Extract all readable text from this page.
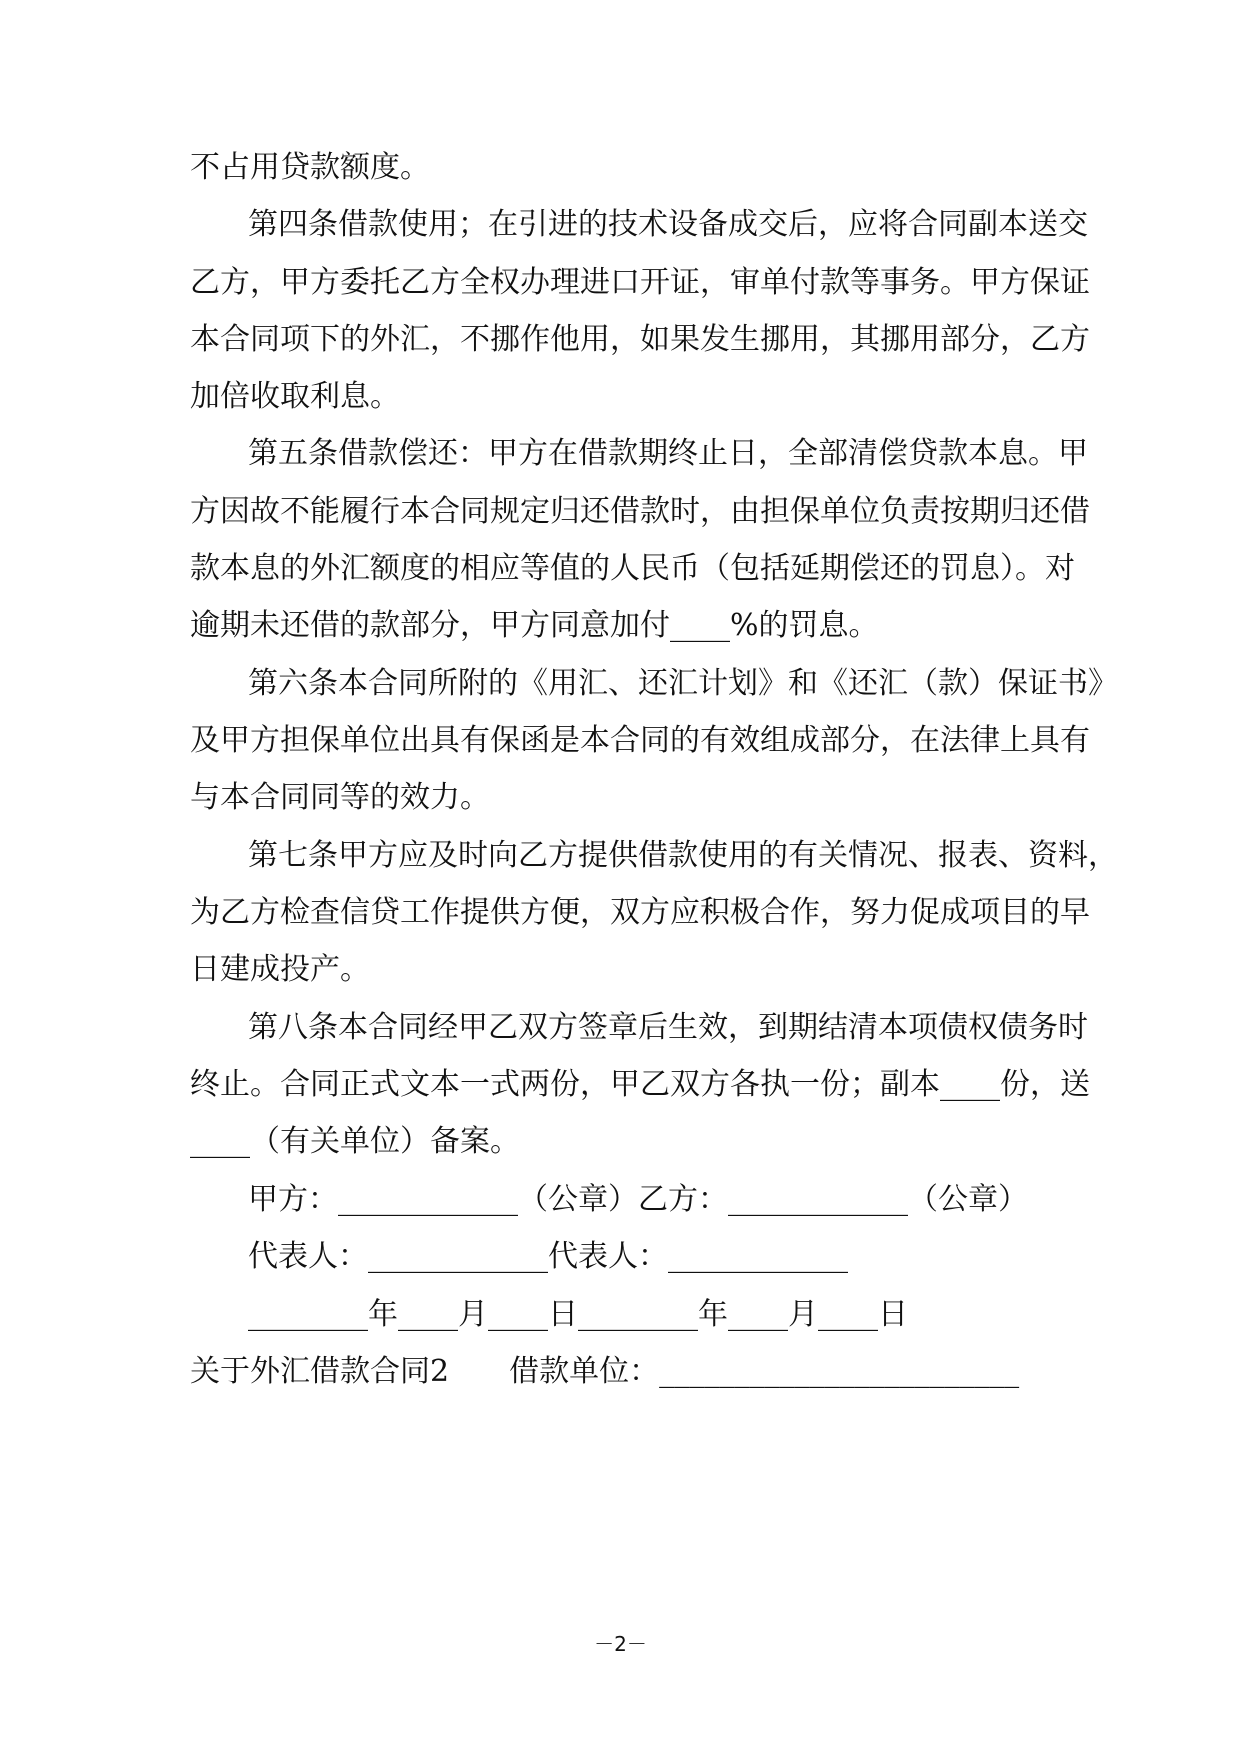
不占用贷款额度。

第四条借款使用；在引进的技术设备成交后，应将合同副本送交

乙方，甲方委托乙方全权办理进口开证，审单付款等事务。甲方保证

本合同项下的外汇，不挪作他用，如果发生挪用，其挪用部分，乙方

加倍收取利息。

第五条借款偿还：甲方在借款期终止日，全部清偿贷款本息。甲

方因故不能履行本合同规定归还借款时，由担保单位负责按期归还借

款本息的外汇额度的相应等值的人民币（包括延期偿还的罚息）。对

逾期未还借的款部分，甲方同意加付____%的罚息。

第六条本合同所附的《用汇、还汇计划》和《还汇（款）保证书》

及甲方担保单位出具有保函是本合同的有效组成部分，在法律上具有

与本合同同等的效力。

第七条甲方应及时向乙方提供借款使用的有关情况、报表、资料，

为乙方检查信贷工作提供方便，双方应积极合作，努力促成项目的早

日建成投产。

第八条本合同经甲乙双方签章后生效，到期结清本项债权债务时

终止。合同正式文本一式两份，甲乙双方各执一份；副本____份，送

____（有关单位）备案。

甲方：____________（公章）乙方：____________（公章）

代表人：____________代表人：____________

________年____月____日________年____月____日

关于外汇借款合同2　　借款单位：________________________

－2－
